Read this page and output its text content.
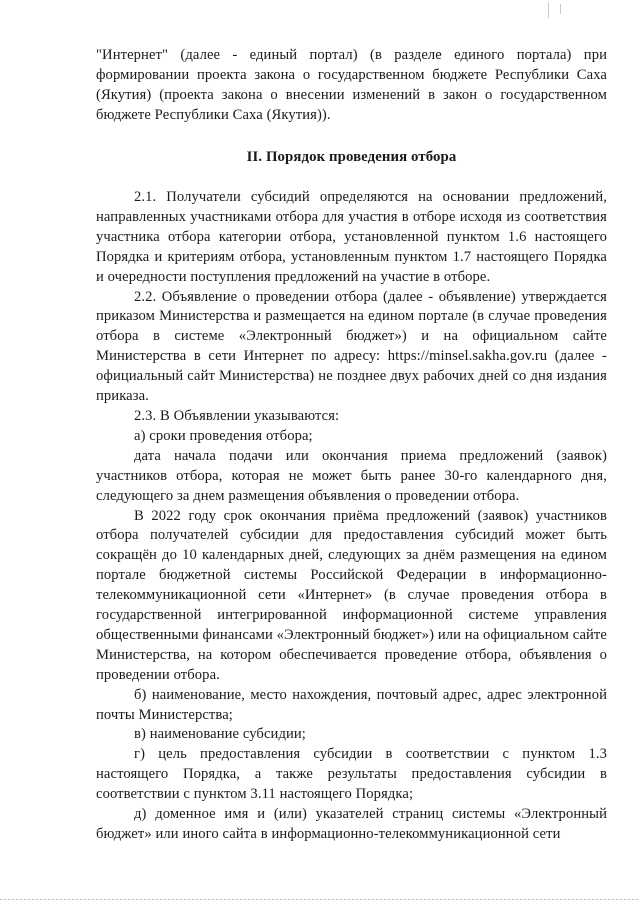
"Интернет" (далее - единый портал) (в разделе единого портала) при формировании проекта закона о государственном бюджете Республики Саха (Якутия) (проекта закона о внесении изменений в закон о государственном бюджете Республики Саха (Якутия)).

II. Порядок проведения отбора

2.1. Получатели субсидий определяются на основании предложений, направленных участниками отбора для участия в отборе исходя из соответствия участника отбора категории отбора, установленной пунктом 1.6 настоящего Порядка и критериям отбора, установленным пунктом 1.7 настоящего Порядка и очередности поступления предложений на участие в отборе.

2.2. Объявление о проведении отбора (далее - объявление) утверждается приказом Министерства и размещается на едином портале (в случае проведения отбора в системе «Электронный бюджет») и на официальном сайте Министерства в сети Интернет по адресу: https://minsel.sakha.gov.ru (далее - официальный сайт Министерства) не позднее двух рабочих дней со дня издания приказа.

2.3. В Объявлении указываются:

а) сроки проведения отбора;

дата начала подачи или окончания приема предложений (заявок) участников отбора, которая не может быть ранее 30-го календарного дня, следующего за днем размещения объявления о проведении отбора.

В 2022 году срок окончания приёма предложений (заявок) участников отбора получателей субсидии для предоставления субсидий может быть сокращён до 10 календарных дней, следующих за днём размещения на едином портале бюджетной системы Российской Федерации в информационно-телекоммуникационной сети «Интернет» (в случае проведения отбора в государственной интегрированной информационной системе управления общественными финансами «Электронный бюджет») или на официальном сайте Министерства, на котором обеспечивается проведение отбора, объявления о проведении отбора.

б) наименование, место нахождения, почтовый адрес, адрес электронной почты Министерства;

в) наименование субсидии;

г) цель предоставления субсидии в соответствии с пунктом 1.3 настоящего Порядка, а также результаты предоставления субсидии в соответствии с пунктом 3.11 настоящего Порядка;

д) доменное имя и (или) указателей страниц системы «Электронный бюджет» или иного сайта в информационно-телекоммуникационной сети
